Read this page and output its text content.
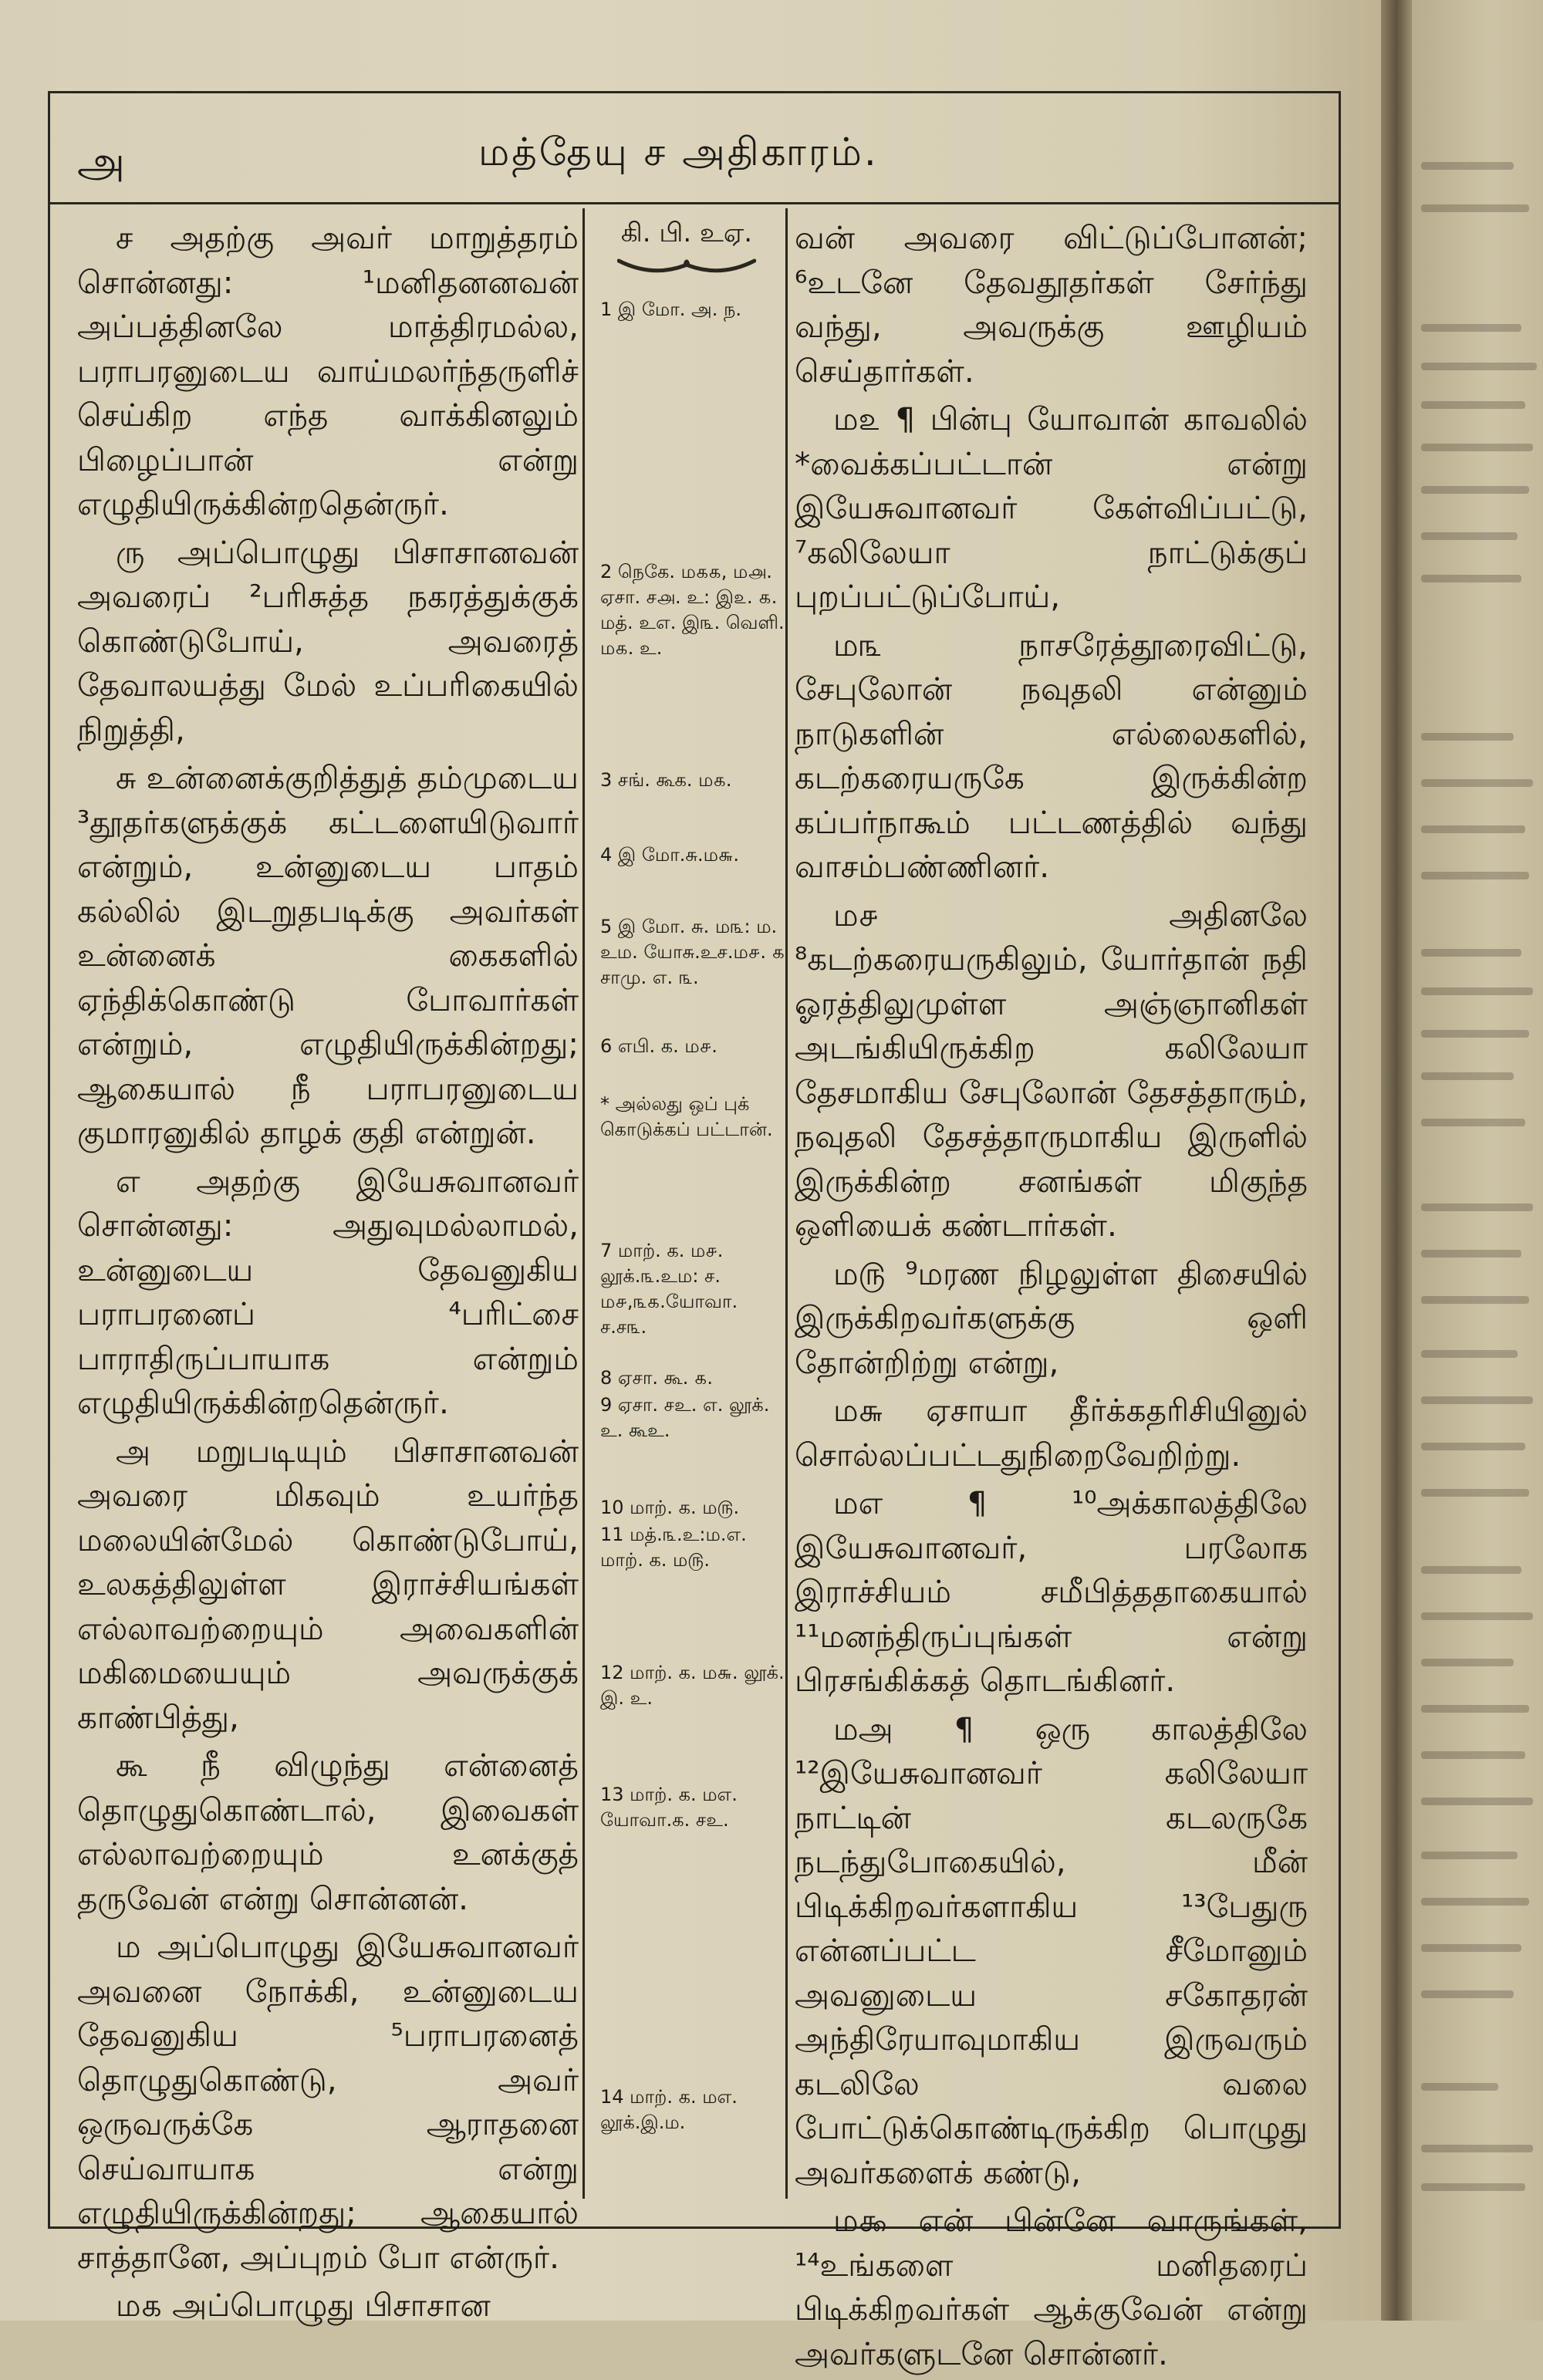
அ	மத்தேயு ச அதிகாரம்.

ச அதற்கு அவர் மாறுத்தரம் சொன்னது: ¹மனிதனனவன் அப்பத்தினலே மாத்திரமல்ல, பராபரனுடைய வாய்மலர்ந்தருளிச் செய்கிற எந்த வாக்கினலும் பிழைப்பான் என்று எழுதியிருக்கின்றதென்ருர்.

ரு அப்பொழுது பிசாசானவன் அவரைப் ²பரிசுத்த நகரத்துக்குக் கொண்டுபோய், அவரைத் தேவாலயத்து மேல் உப்பரிகையில் நிறுத்தி,

சு உன்னைக்குறித்துத் தம்முடைய ³தூதர்களுக்குக் கட்டளையிடுவார் என்றும், உன்னுடைய பாதம் கல்லில் இடறுதபடிக்கு அவர்கள் உன்னைக் கைகளில் ஏந்திக்கொண்டு போவார்கள் என்றும், எழுதியிருக்கின்றது; ஆகையால் நீ பராபரனுடைய குமாரனுகில் தாழக் குதி என்றுன்.

எ அதற்கு இயேசுவானவர் சொன்னது: அதுவுமல்லாமல், உன்னுடைய தேவனுகிய பராபரனைப் ⁴பரிட்சை பாராதிருப்பாயாக என்றும் எழுதியிருக்கின்றதென்ருர்.

அ மறுபடியும் பிசாசானவன் அவரை மிகவும் உயர்ந்த மலையின்மேல் கொண்டுபோய், உலகத்திலுள்ள இராச்சியங்கள் எல்லாவற்றையும் அவைகளின் மகிமையையும் அவருக்குக் காண்பித்து,

கூ நீ விழுந்து என்னைத் தொழுதுகொண்டால், இவைகள் எல்லாவற்றையும் உனக்குத் தருவேன் என்று சொன்னன்.

ம அப்பொழுது இயேசுவானவர் அவனை நோக்கி, உன்னுடைய தேவனுகிய ⁵பராபரனைத் தொழுதுகொண்டு, அவர் ஒருவருக்கே ஆராதனை செய்வாயாக என்று எழுதியிருக்கின்றது; ஆகையால் சாத்தானே, அப்புறம் போ என்ருர்.

ம௧ அப்பொழுது பிசாசான

கி. பி. உஏ.
1 இ மோ. அ. ந.
2 நெகே. ம௧௧, ம௮. ஏசா. ச௮. உ: இ௨. ௧. மத். உஎ. இ௩. வெளி. ம௧. உ.
3 சங். கூக. ம௧.
4 இ மோ.சு.ம௬.
5 இ மோ. சு. ம௩: ம. உம. யோசு.உச.ம௪. ௧ சாமு. எ. ௩.
6 எபி. க. ம௪.
* அல்லது ஒப் புக் கொடுக்கப் பட்டான்.
7 மாற். க. ம௪. லூக்.௩.உம: ச. ம௪,௩௧.யோவா. ச.ச௩.
8 ஏசா. கூ. ௧.
9 ஏசா. சஉ. எ. லூக். உ. கூஉ.
10 மாற். க. ம௫.
11 மத்.௩.உ:ம.எ. மாற். க. ம௫.
12 மாற். க. ம௬. லூக். இ. உ.
13 மாற். க. மஎ. யோவா.க. சஉ.
14 மாற். க. மஎ. லூக்.இ.ம.

வன் அவரை விட்டுப்போனன்; ⁶உடனே தேவதூதர்கள் சேர்ந்து வந்து, அவருக்கு ஊழியம் செய்தார்கள்.

ம௨ ¶ பின்பு யோவான் காவலில் *வைக்கப்பட்டான் என்று இயேசுவானவர் கேள்விப்பட்டு, ⁷கலிலேயா நாட்டுக்குப் புறப்பட்டுப்போய்,

ம௩ நாசரேத்தூரைவிட்டு, சேபுலோன் நவுதலி என்னும் நாடுகளின் எல்லைகளில், கடற்கரையருகே இருக்கின்ற கப்பர்நாகூம் பட்டணத்தில் வந்து வாசம்பண்ணினர்.

ம௪ அதினலே ⁸கடற்கரையருகிலும், யோர்தான் நதி ஓரத்திலுமுள்ள அஞ்ஞானிகள் அடங்கியிருக்கிற கலிலேயா தேசமாகிய சேபுலோன் தேசத்தாரும், நவுதலி தேசத்தாருமாகிய இருளில் இருக்கின்ற சனங்கள் மிகுந்த ஒளியைக் கண்டார்கள்.

ம௫ ⁹மரண நிழலுள்ள திசையில் இருக்கிறவர்களுக்கு ஒளி தோன்றிற்று என்று,

ம௬ ஏசாயா தீர்க்கதரிசியினுல் சொல்லப்பட்டதுநிறைவேறிற்று.

மஎ ¶ ¹⁰அக்காலத்திலே இயேசுவானவர், பரலோக இராச்சியம் சமீபித்ததாகையால் ¹¹மனந்திருப்புங்கள் என்று பிரசங்கிக்கத் தொடங்கினர்.

மஅ ¶ ஒரு காலத்திலே ¹²இயேசுவானவர் கலிலேயா நாட்டின் கடலருகே நடந்துபோகையில், மீன் பிடிக்கிறவர்களாகிய ¹³பேதுரு என்னப்பட்ட சீமோனும் அவனுடைய சகோதரன் அந்திரேயாவுமாகிய இருவரும் கடலிலே வலை போட்டுக்கொண்டிருக்கிற பொழுது அவர்களைக் கண்டு,

ம௯ என் பின்னே வாருங்கள், ¹⁴உங்களை மனிதரைப் பிடிக்கிறவர்கள் ஆக்குவேன் என்று அவர்களுடனே சொன்னர்.
